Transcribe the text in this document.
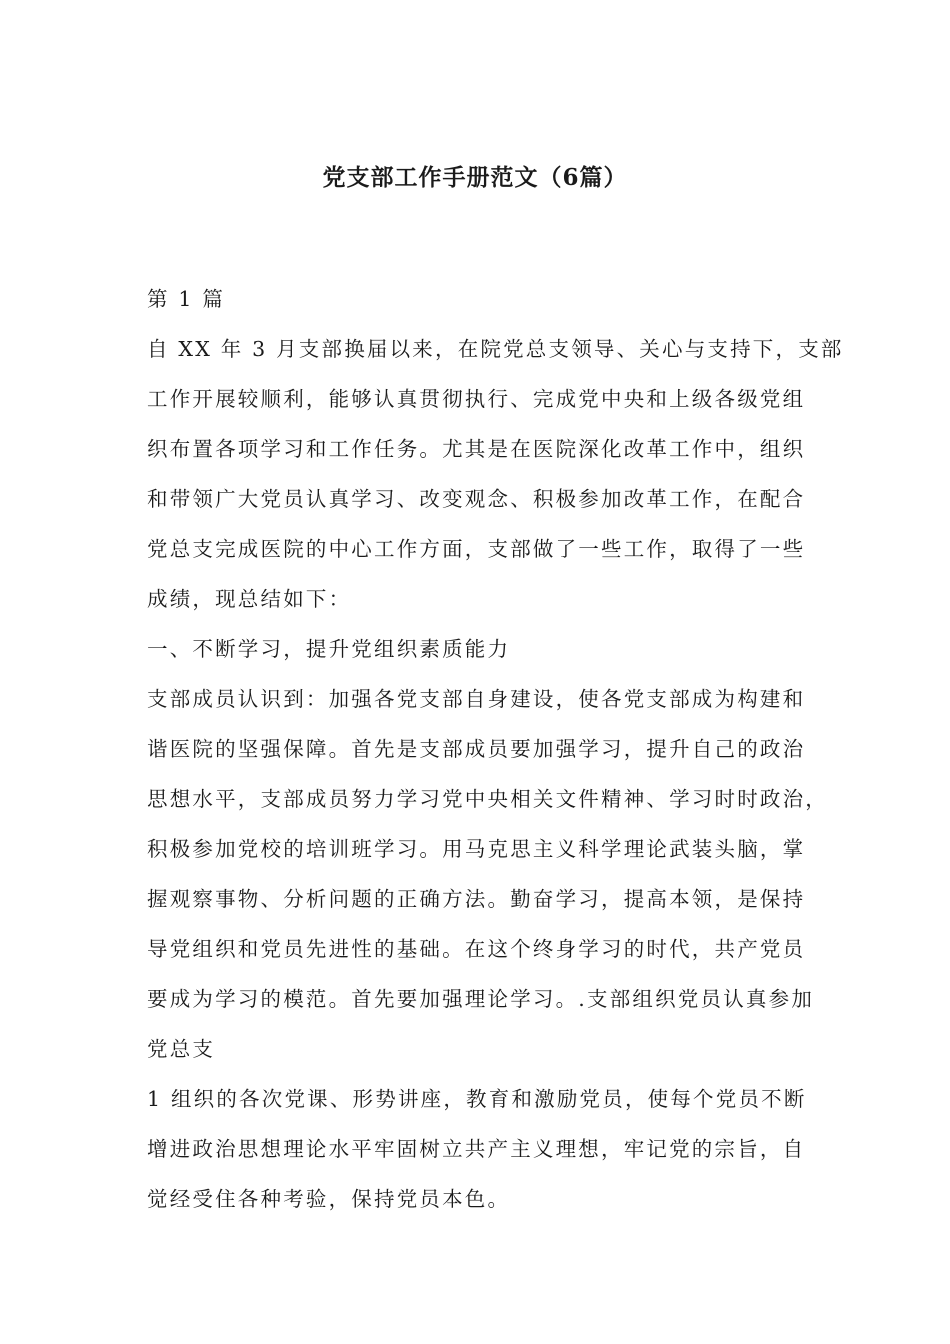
党支部工作手册范文（6篇）
第 1 篇
自 XX 年 3 月支部换届以来，在院党总支领导、关心与支持下，支部
工作开展较顺利，能够认真贯彻执行、完成党中央和上级各级党组
织布置各项学习和工作任务。尤其是在医院深化改革工作中，组织
和带领广大党员认真学习、改变观念、积极参加改革工作，在配合
党总支完成医院的中心工作方面，支部做了一些工作，取得了一些
成绩，现总结如下：
一、不断学习，提升党组织素质能力
支部成员认识到：加强各党支部自身建设，使各党支部成为构建和
谐医院的坚强保障。首先是支部成员要加强学习，提升自己的政治
思想水平，支部成员努力学习党中央相关文件精神、学习时时政治，
积极参加党校的培训班学习。用马克思主义科学理论武装头脑，掌
握观察事物、分析问题的正确方法。勤奋学习，提高本领，是保持
导党组织和党员先进性的基础。在这个终身学习的时代，共产党员
要成为学习的模范。首先要加强理论学习。.支部组织党员认真参加
党总支
1 组织的各次党课、形势讲座，教育和激励党员，使每个党员不断
增进政治思想理论水平牢固树立共产主义理想，牢记党的宗旨，自
觉经受住各种考验，保持党员本色。
